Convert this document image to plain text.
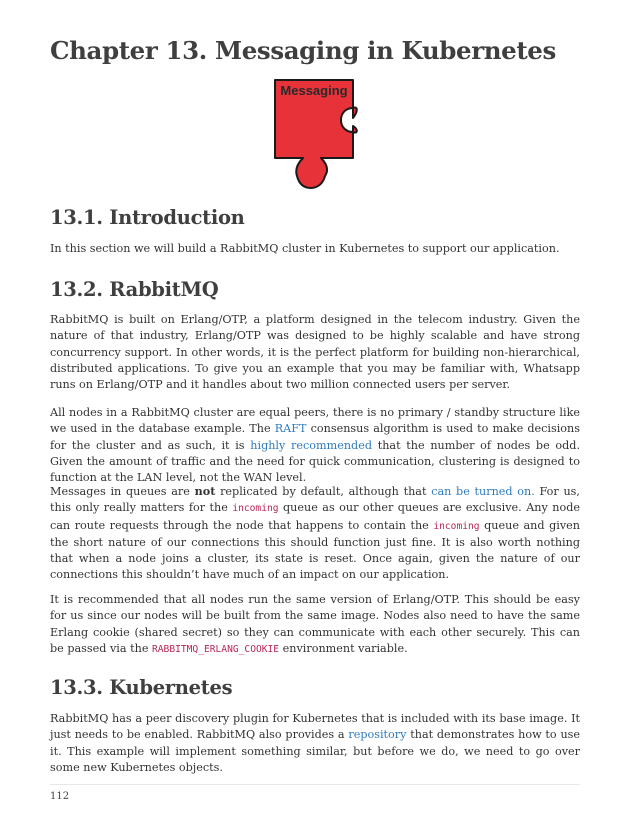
Chapter 13. Messaging in Kubernetes
Messaging
13.1. Introduction

In this section we will build a RabbitMQ cluster in Kubernetes to support our application.

13.2. RabbitMQ

RabbitMQ is built on Erlang/OTP, a platform designed in the telecom industry. Given the nature of that industry, Erlang/OTP was designed to be highly scalable and have strong concurrency support. In other words, it is the perfect platform for building non-hierarchical, distributed applications. To give you an example that you may be familiar with, Whatsapp runs on Erlang/OTP and it handles about two million connected users per server.

All nodes in a RabbitMQ cluster are equal peers, there is no primary / standby structure like we used in the database example. The RAFT consensus algorithm is used to make decisions for the cluster and as such, it is highly recommended that the number of nodes be odd. Given the amount of traffic and the need for quick communication, clustering is designed to function at the LAN level, not the WAN level.

Messages in queues are not replicated by default, although that can be turned on. For us, this only really matters for the incoming queue as our other queues are exclusive. Any node can route requests through the node that happens to contain the incoming queue and given the short nature of our connections this should function just fine. It is also worth nothing that when a node joins a cluster, its state is reset. Once again, given the nature of our connections this shouldn’t have much of an impact on our application.

It is recommended that all nodes run the same version of Erlang/OTP. This should be easy for us since our nodes will be built from the same image. Nodes also need to have the same Erlang cookie (shared secret) so they can communicate with each other securely. This can be passed via the RABBITMQ_ERLANG_COOKIE environment variable.

13.3. Kubernetes

RabbitMQ has a peer discovery plugin for Kubernetes that is included with its base image. It just needs to be enabled. RabbitMQ also provides a repository that demonstrates how to use it. This example will implement something similar, but before we do, we need to go over some new Kubernetes objects.

112
